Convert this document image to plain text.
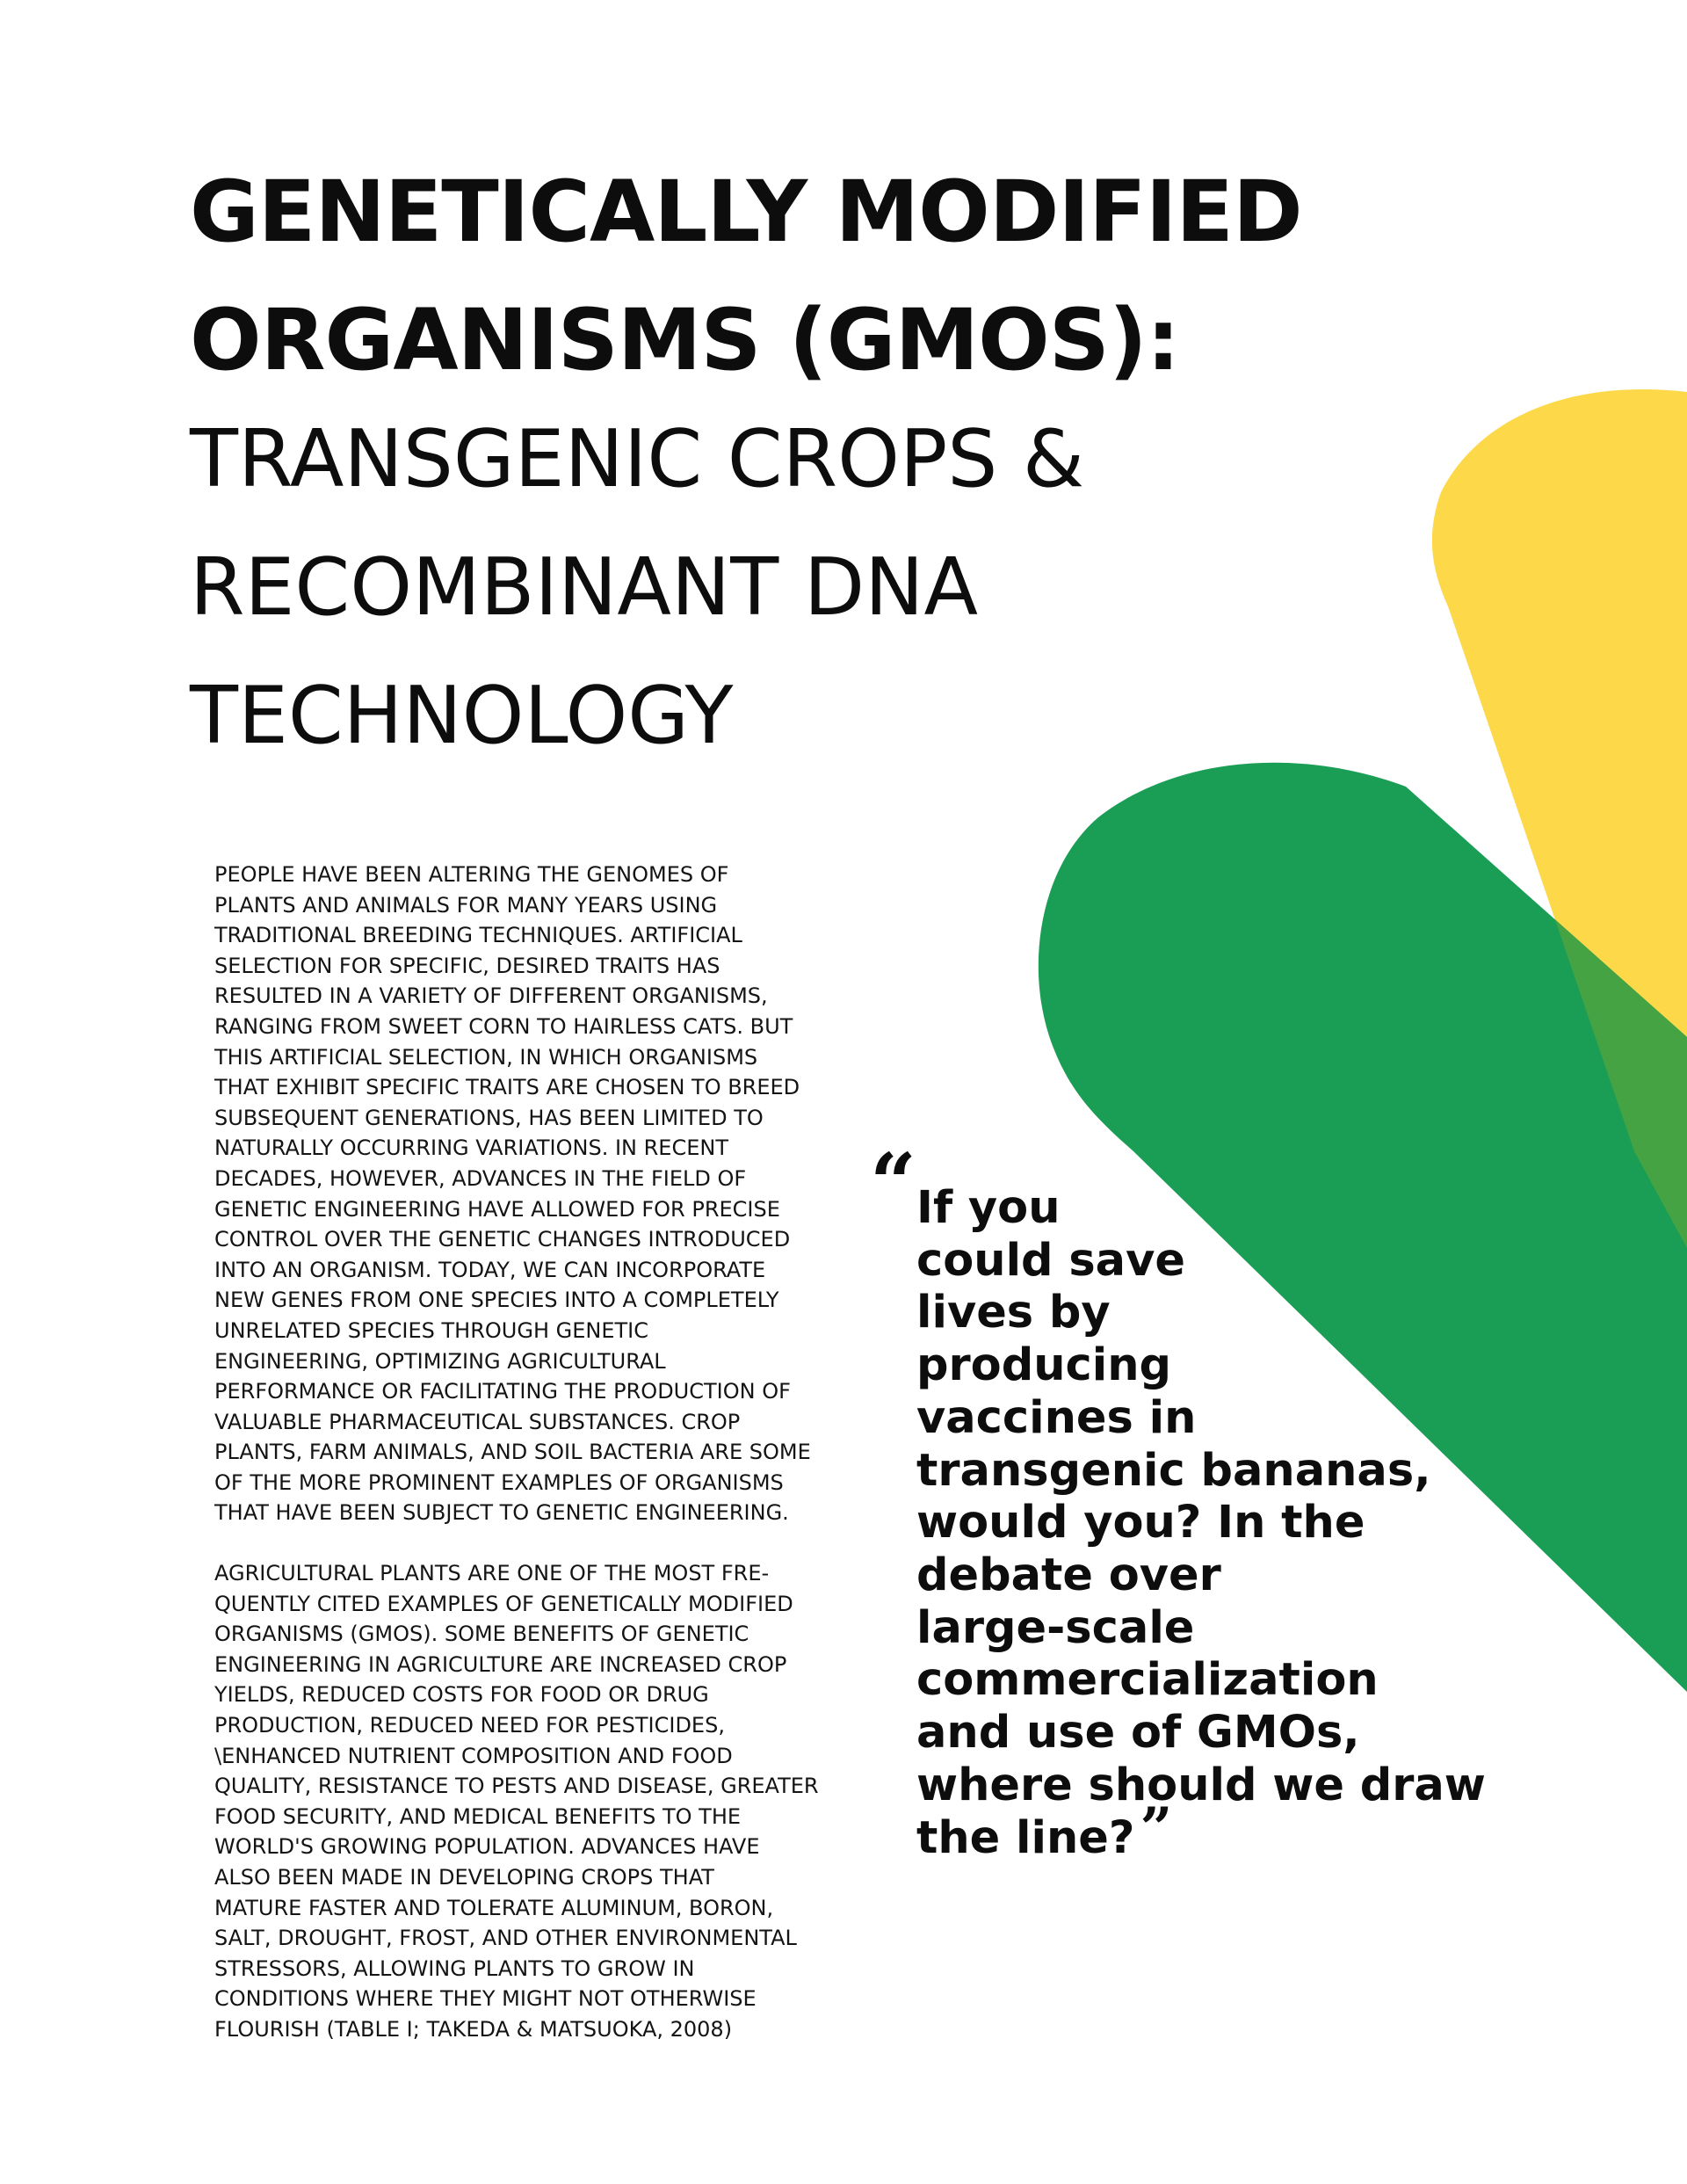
GENETICALLY MODIFIED
ORGANISMS (GMOS):
TRANSGENIC CROPS &
RECOMBINANT DNA
TECHNOLOGY

PEOPLE HAVE BEEN ALTERING THE GENOMES OF
PLANTS AND ANIMALS FOR MANY YEARS USING
TRADITIONAL BREEDING TECHNIQUES. ARTIFICIAL
SELECTION FOR SPECIFIC, DESIRED TRAITS HAS
RESULTED IN A VARIETY OF DIFFERENT ORGANISMS,
RANGING FROM SWEET CORN TO HAIRLESS CATS. BUT
THIS ARTIFICIAL SELECTION, IN WHICH ORGANISMS
THAT EXHIBIT SPECIFIC TRAITS ARE CHOSEN TO BREED
SUBSEQUENT GENERATIONS, HAS BEEN LIMITED TO
NATURALLY OCCURRING VARIATIONS. IN RECENT
DECADES, HOWEVER, ADVANCES IN THE FIELD OF
GENETIC ENGINEERING HAVE ALLOWED FOR PRECISE
CONTROL OVER THE GENETIC CHANGES INTRODUCED
INTO AN ORGANISM. TODAY, WE CAN INCORPORATE
NEW GENES FROM ONE SPECIES INTO A COMPLETELY
UNRELATED SPECIES THROUGH GENETIC
ENGINEERING, OPTIMIZING AGRICULTURAL
PERFORMANCE OR FACILITATING THE PRODUCTION OF
VALUABLE PHARMACEUTICAL SUBSTANCES. CROP
PLANTS, FARM ANIMALS, AND SOIL BACTERIA ARE SOME
OF THE MORE PROMINENT EXAMPLES OF ORGANISMS
THAT HAVE BEEN SUBJECT TO GENETIC ENGINEERING.

AGRICULTURAL PLANTS ARE ONE OF THE MOST FRE-
QUENTLY CITED EXAMPLES OF GENETICALLY MODIFIED
ORGANISMS (GMOS). SOME BENEFITS OF GENETIC
ENGINEERING IN AGRICULTURE ARE INCREASED CROP
YIELDS, REDUCED COSTS FOR FOOD OR DRUG
PRODUCTION, REDUCED NEED FOR PESTICIDES,
\ENHANCED NUTRIENT COMPOSITION AND FOOD
QUALITY, RESISTANCE TO PESTS AND DISEASE, GREATER
FOOD SECURITY, AND MEDICAL BENEFITS TO THE
WORLD'S GROWING POPULATION. ADVANCES HAVE
ALSO BEEN MADE IN DEVELOPING CROPS THAT
MATURE FASTER AND TOLERATE ALUMINUM, BORON,
SALT, DROUGHT, FROST, AND OTHER ENVIRONMENTAL
STRESSORS, ALLOWING PLANTS TO GROW IN
CONDITIONS WHERE THEY MIGHT NOT OTHERWISE
FLOURISH (TABLE I; TAKEDA & MATSUOKA, 2008)

“ If you
could save
lives by
producing
vaccines in
transgenic bananas,
would you? In the
debate over
large-scale
commercialization
and use of GMOs,
where should we draw
the line?”
